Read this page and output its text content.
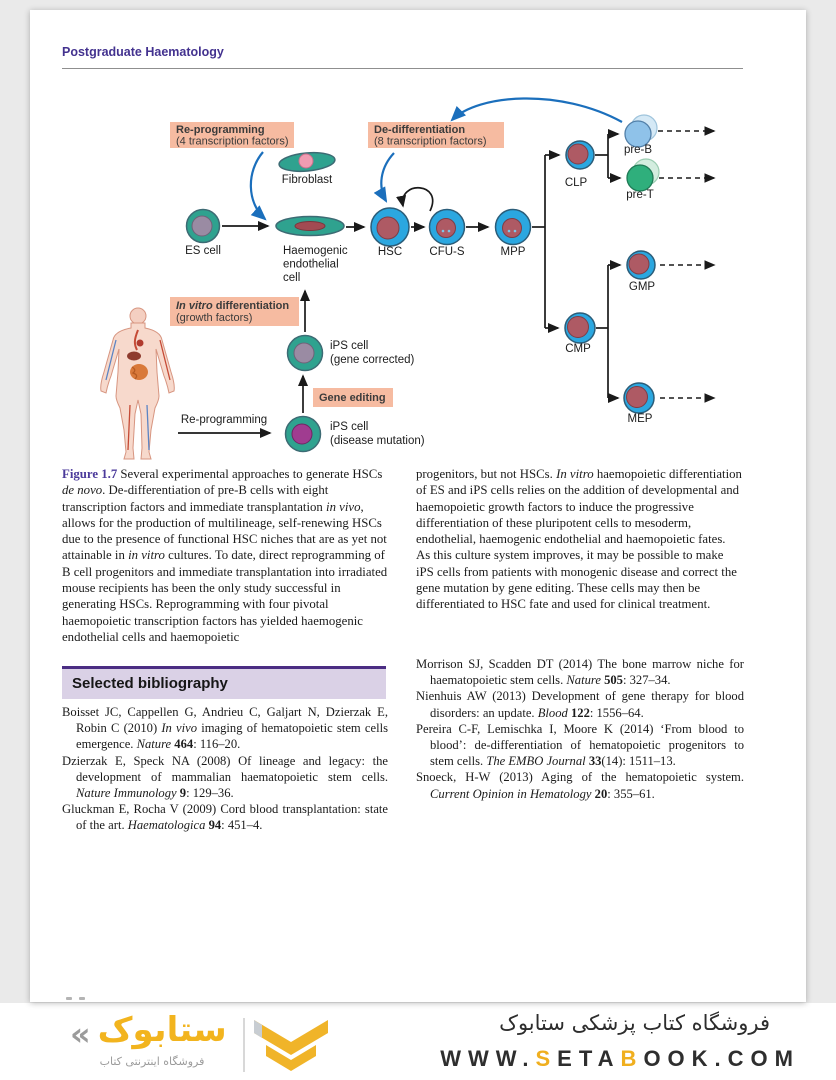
Postgraduate Haematology
Re-programming
(4 transcription factors)
De-differentiation
(8 transcription factors)
In vitro differentiation
(growth factors)
Gene editing
ES cell
Fibroblast
Haemogenic
endothelial
cell
HSC CFU-S	MPP
CLP
CMP
pre-B
pre-T
GMP
MEP
Re-programming
iPS cell
(disease mutation)
iPS cell
(gene corrected)
Figure 1.7 Several experimental approaches to generate HSCs de novo. De-differentiation of pre-B cells with eight transcription factors and immediate transplantation in vivo, allows for the production of multilineage, self-renewing HSCs due to the presence of functional HSC niches that are as yet not attainable in in vitro cultures. To date, direct reprogramming of B cell progenitors and immediate transplantation into irradiated mouse recipients has been the only study successful in generating HSCs. Reprogramming with four pivotal haemopoietic transcription factors has yielded haemogenic endothelial cells and haemopoietic
progenitors, but not HSCs. In vitro haemopoietic differentiation of ES and iPS cells relies on the addition of developmental and haemopoietic growth factors to induce the progressive differentiation of these pluripotent cells to mesoderm, endothelial, haemogenic endothelial and haemopoietic fates. As this culture system improves, it may be possible to make iPS cells from patients with monogenic disease and correct the gene mutation by gene editing. These cells may then be differentiated to HSC fate and used for clinical treatment.
Selected bibliography
Boisset JC, Cappellen G, Andrieu C, Galjart N, Dzierzak E, Robin C (2010) In vivo imaging of hematopoietic stem cells emergence. Nature 464: 116–20.
Dzierzak E, Speck NA (2008) Of lineage and legacy: the development of mammalian haematopoietic stem cells. Nature Immunology 9: 129–36.
Gluckman E, Rocha V (2009) Cord blood transplantation: state of the art. Haematologica 94: 451–4.
Morrison SJ, Scadden DT (2014) The bone marrow niche for haematopoietic stem cells. Nature 505: 327–34.
Nienhuis AW (2013) Development of gene therapy for blood disorders: an update. Blood 122: 1556–64.
Pereira C-F, Lemischka I, Moore K (2014) ‘From blood to blood’: de-differentiation of hematopoietic progenitors to stem cells. The EMBO Journal 33(14): 1511–13.
Snoeck, H-W (2013) Aging of the hematopoietic system. Current Opinion in Hematology 20: 355–61.
« ستابوک
فروشگاه اینترنتی کتاب
فروشگاه کتاب پزشکی ستابوک
WWW.SETABOOK.COM
